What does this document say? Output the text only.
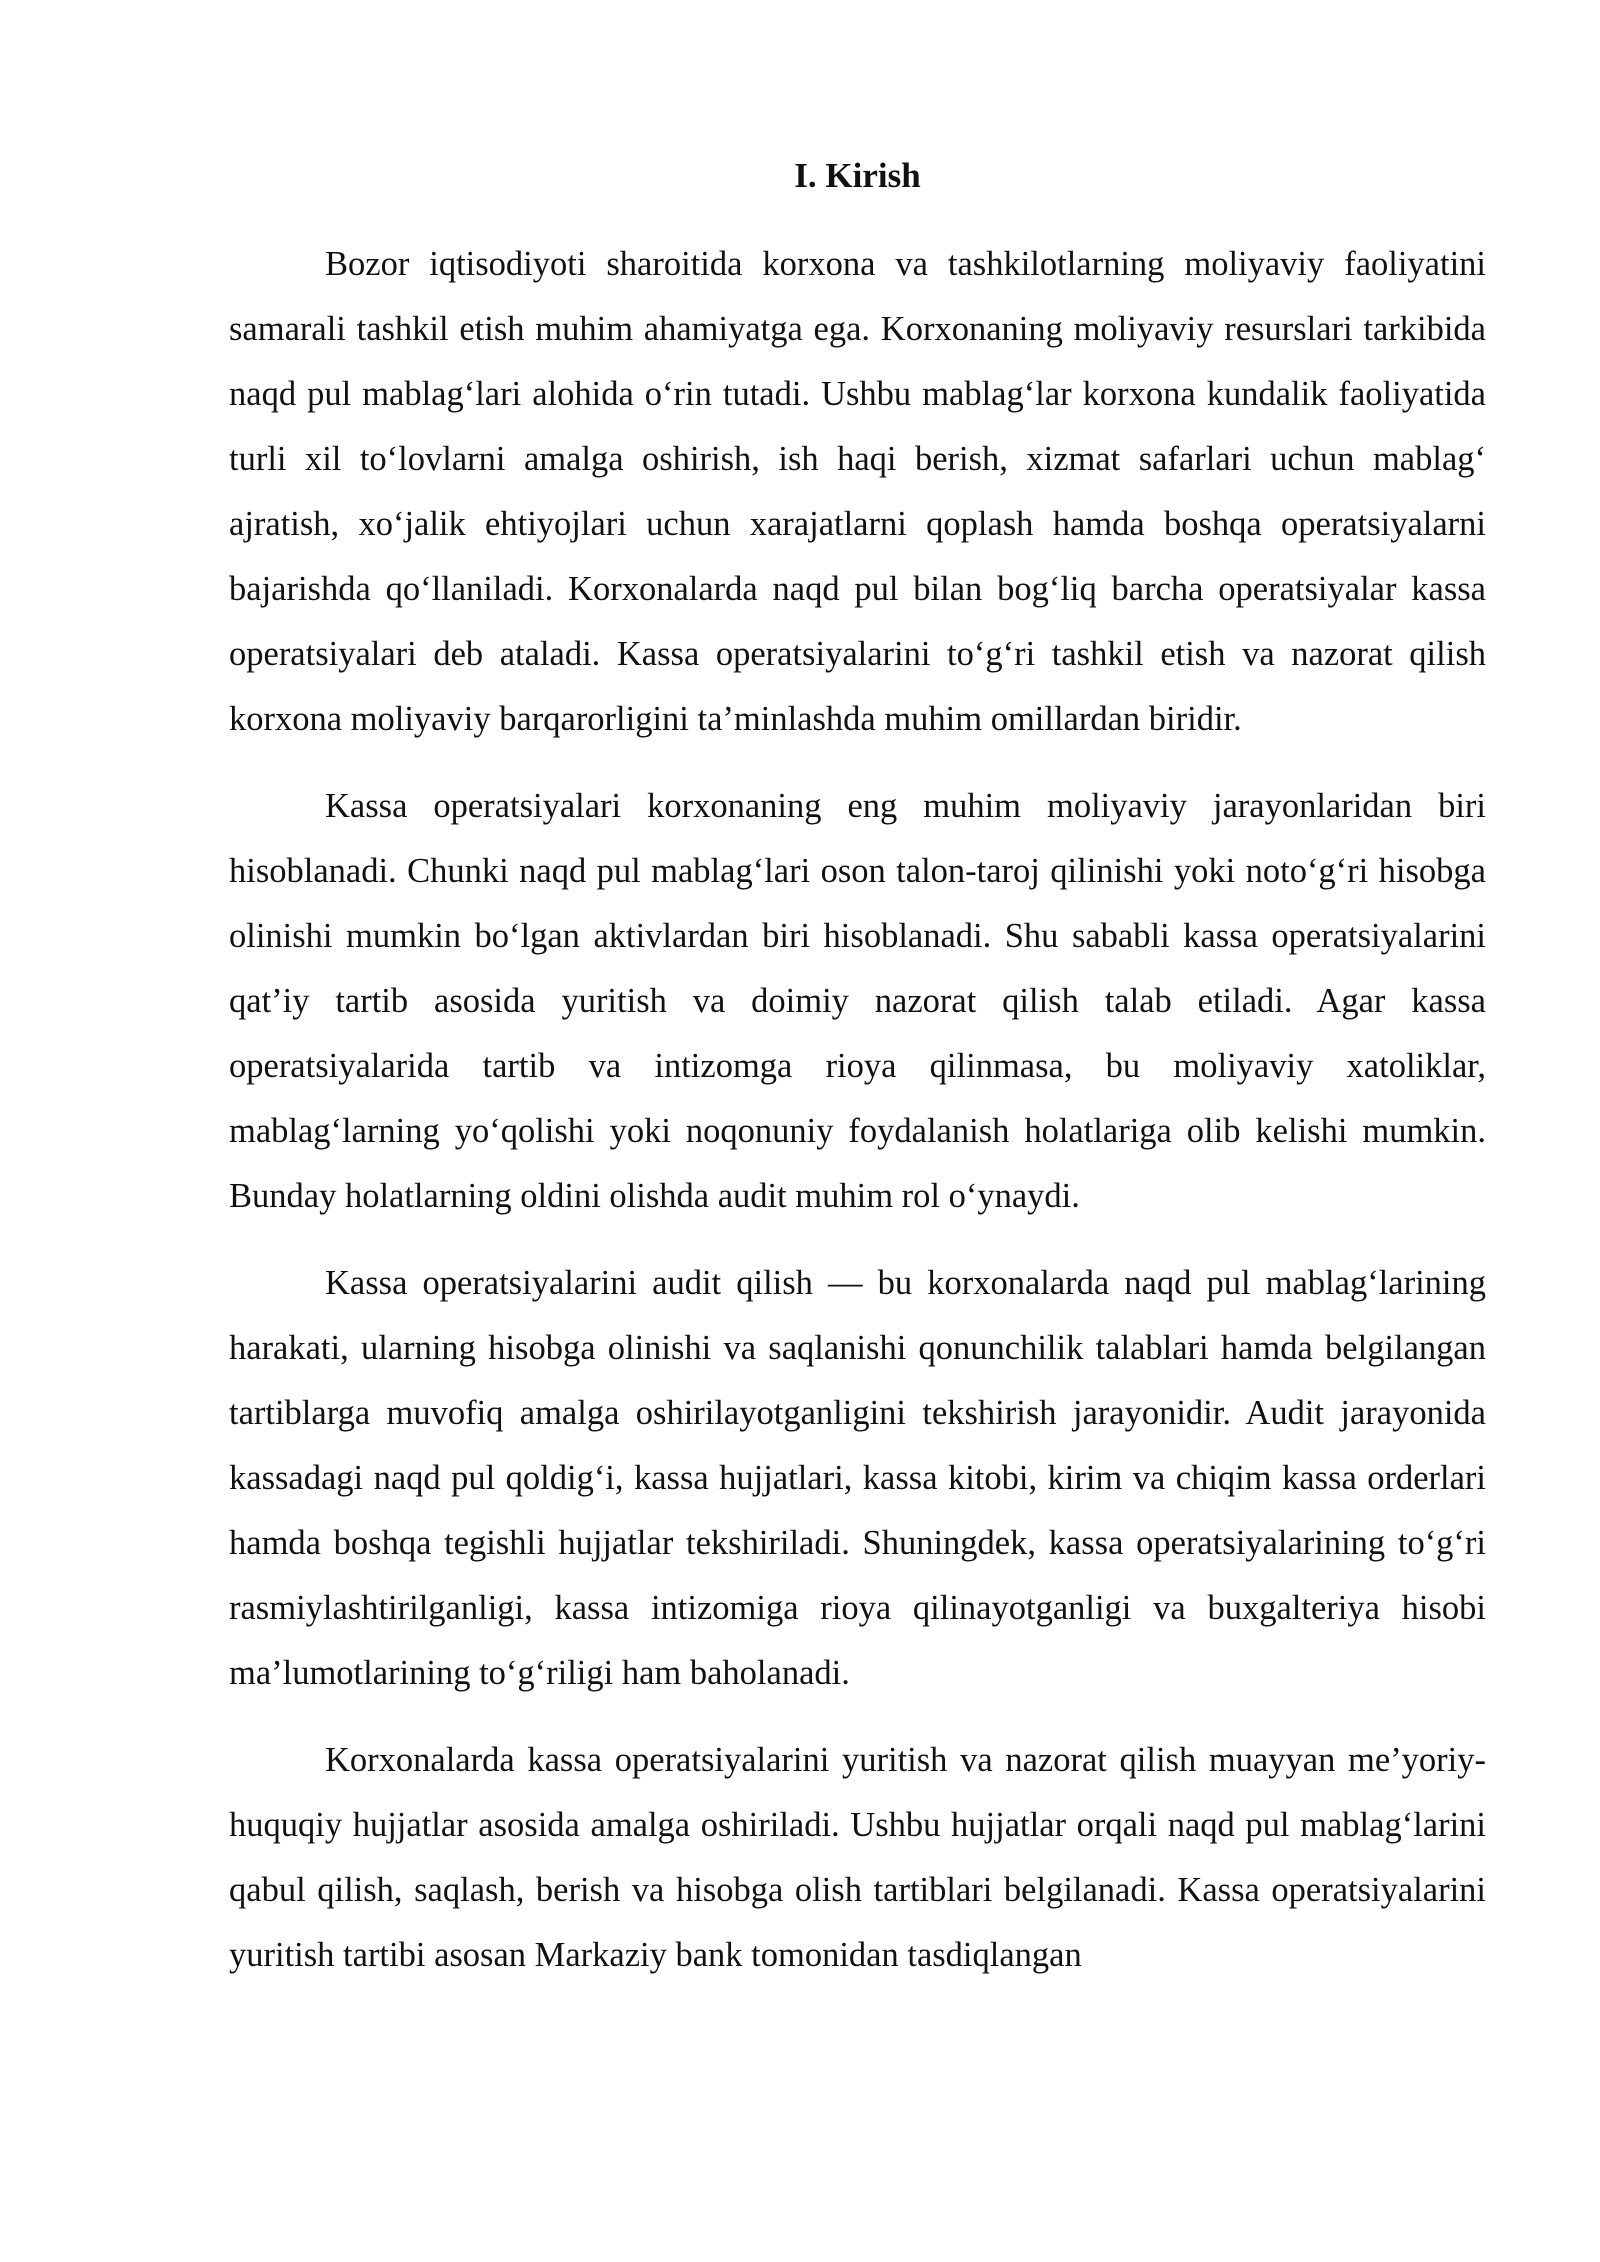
I. Kirish

Bozor iqtisodiyoti sharoitida korxona va tashkilotlarning moliyaviy faoliyatini samarali tashkil etish muhim ahamiyatga ega. Korxonaning moliyaviy resurslari tarkibida naqd pul mablag‘lari alohida o‘rin tutadi. Ushbu mablag‘lar korxona kundalik faoliyatida turli xil to‘lovlarni amalga oshirish, ish haqi berish, xizmat safarlari uchun mablag‘ ajratish, xo‘jalik ehtiyojlari uchun xarajatlarni qoplash hamda boshqa operatsiyalarni bajarishda qo‘llaniladi. Korxonalarda naqd pul bilan bog‘liq barcha operatsiyalar kassa operatsiyalari deb ataladi. Kassa operatsiyalarini to‘g‘ri tashkil etish va nazorat qilish korxona moliyaviy barqarorligini ta’minlashda muhim omillardan biridir.

Kassa operatsiyalari korxonaning eng muhim moliyaviy jarayonlaridan biri hisoblanadi. Chunki naqd pul mablag‘lari oson talon-taroj qilinishi yoki noto‘g‘ri hisobga olinishi mumkin bo‘lgan aktivlardan biri hisoblanadi. Shu sababli kassa operatsiyalarini qat’iy tartib asosida yuritish va doimiy nazorat qilish talab etiladi. Agar kassa operatsiyalarida tartib va intizomga rioya qilinmasa, bu moliyaviy xatoliklar, mablag‘larning yo‘qolishi yoki noqonuniy foydalanish holatlariga olib kelishi mumkin. Bunday holatlarning oldini olishda audit muhim rol o‘ynaydi.

Kassa operatsiyalarini audit qilish — bu korxonalarda naqd pul mablag‘larining harakati, ularning hisobga olinishi va saqlanishi qonunchilik talablari hamda belgilangan tartiblarga muvofiq amalga oshirilayotganligini tekshirish jarayonidir. Audit jarayonida kassadagi naqd pul qoldig‘i, kassa hujjatlari, kassa kitobi, kirim va chiqim kassa orderlari hamda boshqa tegishli hujjatlar tekshiriladi. Shuningdek, kassa operatsiyalarining to‘g‘ri rasmiylashtirilganligi, kassa intizomiga rioya qilinayotganligi va buxgalteriya hisobi ma’lumotlarining to‘g‘riligi ham baholanadi.

Korxonalarda kassa operatsiyalarini yuritish va nazorat qilish muayyan me’yoriy-huquqiy hujjatlar asosida amalga oshiriladi. Ushbu hujjatlar orqali naqd pul mablag‘larini qabul qilish, saqlash, berish va hisobga olish tartiblari belgilanadi. Kassa operatsiyalarini yuritish tartibi asosan Markaziy bank tomonidan tasdiqlangan
